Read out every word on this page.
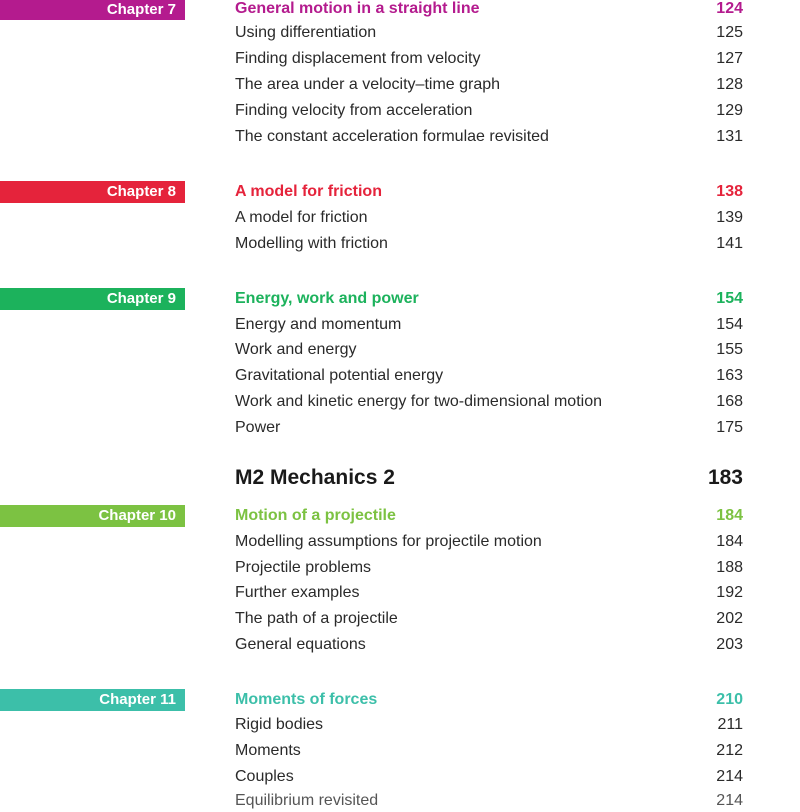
Chapter 7	General motion in a straight line	124
Using differentiation	125
Finding displacement from velocity	127
The area under a velocity–time graph	128
Finding velocity from acceleration	129
The constant acceleration formulae revisited	131
Chapter 8	A model for friction	138
A model for friction	139
Modelling with friction	141
Chapter 9	Energy, work and power	154
Energy and momentum	154
Work and energy	155
Gravitational potential energy	163
Work and kinetic energy for two-dimensional motion	168
Power	175
M2 Mechanics 2	183
Chapter 10	Motion of a projectile	184
Modelling assumptions for projectile motion	184
Projectile problems	188
Further examples	192
The path of a projectile	202
General equations	203
Chapter 11	Moments of forces	210
Rigid bodies	211
Moments	212
Couples	214
Equilibrium revisited	214
